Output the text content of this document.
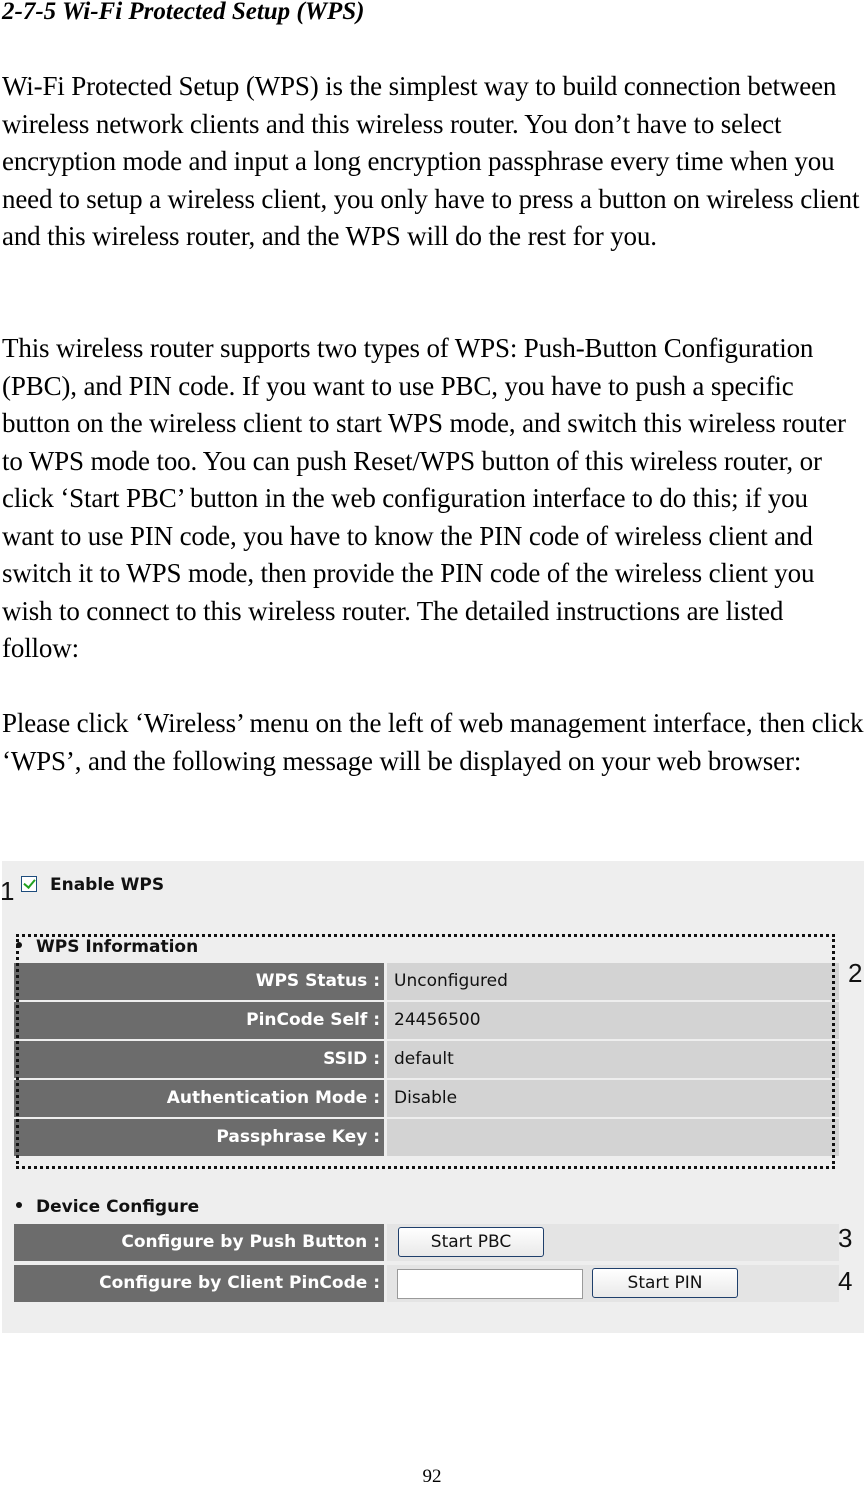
2-7-5 Wi-Fi Protected Setup (WPS)

Wi-Fi Protected Setup (WPS) is the simplest way to build connection between wireless network clients and this wireless router. You don’t have to select encryption mode and input a long encryption passphrase every time when you need to setup a wireless client, you only have to press a button on wireless client and this wireless router, and the WPS will do the rest for you.

This wireless router supports two types of WPS: Push-Button Configuration (PBC), and PIN code. If you want to use PBC, you have to push a specific button on the wireless client to start WPS mode, and switch this wireless router to WPS mode too. You can push Reset/WPS button of this wireless router, or click ‘Start PBC’ button in the web configuration interface to do this; if you want to use PIN code, you have to know the PIN code of wireless client and switch it to WPS mode, then provide the PIN code of the wireless client you wish to connect to this wireless router. The detailed instructions are listed follow:

Please click ‘Wireless’ menu on the left of web management interface, then click ‘WPS’, and the following message will be displayed on your web browser:

Enable WPS
WPS Information
WPS Status : Unconfigured
PinCode Self : 24456500
SSID : default
Authentication Mode : Disable
Passphrase Key :
Device Configure
Configure by Push Button :
Configure by Client PinCode :
Start PBC
Start PIN
1
2
3
4
92
